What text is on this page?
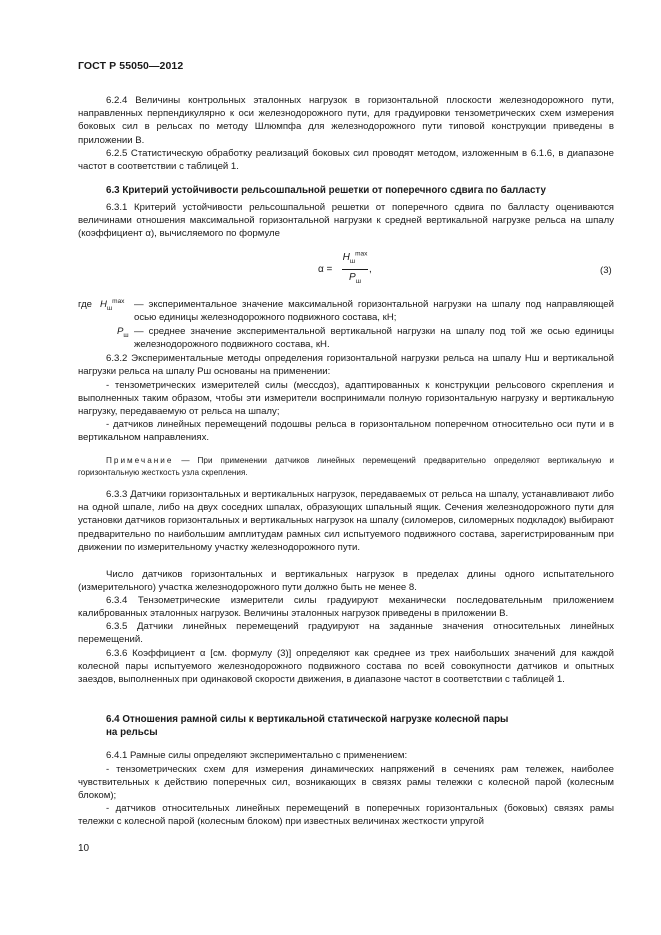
ГОСТ Р 55050—2012
6.2.4 Величины контрольных эталонных нагрузок в горизонтальной плоскости железнодорожного пути, направленных перпендикулярно к оси железнодорожного пути, для градуировки тензометрических схем измерения боковых сил в рельсах по методу Шлюмпфа для железнодорожного пути типовой конструкции приведены в приложении В.
6.2.5 Статистическую обработку реализаций боковых сил проводят методом, изложенным в 6.1.6, в диапазоне частот в соответствии с таблицей 1.
6.3 Критерий устойчивости рельсошпальной решетки от поперечного сдвига по балласту
6.3.1 Критерий устойчивости рельсошпальной решетки от поперечного сдвига по балласту оцениваются величинами отношения максимальной горизонтальной нагрузки к средней вертикальной нагрузке рельса на шпалу (коэффициент α), вычисляемого по формуле
α =
$H_ш^{max}$
$P_ш$
,	(3)
где $H_ш^{max}$ — экспериментальное значение максимальной горизонтальной нагрузки на шпалу под направляющей осью единицы железнодорожного подвижного состава, кН;
$P_ш$ — среднее значение экспериментальной вертикальной нагрузки на шпалу под той же осью единицы железнодорожного подвижного состава, кН.
6.3.2 Экспериментальные методы определения горизонтальной нагрузки рельса на шпалу Hш и вертикальной нагрузки рельса на шпалу Pш основаны на применении:
- тензометрических измерителей силы (мессдоз), адаптированных к конструкции рельсового скрепления и выполненных таким образом, чтобы эти измерители воспринимали полную горизонтальную нагрузку и вертикальную нагрузку, передаваемую от рельса на шпалу;
- датчиков линейных перемещений подошвы рельса в горизонтальном поперечном относительно оси пути и в вертикальном направлениях.
Примечание — При применении датчиков линейных перемещений предварительно определяют вертикальную и горизонтальную жесткость узла скрепления.
6.3.3 Датчики горизонтальных и вертикальных нагрузок, передаваемых от рельса на шпалу, устанавливают либо на одной шпале, либо на двух соседних шпалах, образующих шпальный ящик. Сечения железнодорожного пути для установки датчиков горизонтальных и вертикальных нагрузок на шпалу (силомеров, силомерных подкладок) выбирают предварительно по наибольшим амплитудам рамных сил испытуемого подвижного состава, зарегистрированным при движении по измерительному участку железнодорожного пути.
Число датчиков горизонтальных и вертикальных нагрузок в пределах длины одного испытательного (измерительного) участка железнодорожного пути должно быть не менее 8.
6.3.4 Тензометрические измерители силы градуируют механически последовательным приложением калиброванных эталонных нагрузок. Величины эталонных нагрузок приведены в приложении В.
6.3.5 Датчики линейных перемещений градуируют на заданные значения относительных линейных перемещений.
6.3.6 Коэффициент α [см. формулу (3)] определяют как среднее из трех наибольших значений для каждой колесной пары испытуемого железнодорожного подвижного состава по всей совокупности датчиков и опытных заездов, выполненных при одинаковой скорости движения, в диапазоне частот в соответствии с таблицей 1.
6.4 Отношения рамной силы к вертикальной статической нагрузке колесной пары
на рельсы
6.4.1 Рамные силы определяют экспериментально с применением:
- тензометрических схем для измерения динамических напряжений в сечениях рам тележек, наиболее чувствительных к действию поперечных сил, возникающих в связях рамы тележки с колесной парой (колесным блоком);
- датчиков относительных линейных перемещений в поперечных горизонтальных (боковых) связях рамы тележки с колесной парой (колесным блоком) при известных величинах жесткости упругой
10
